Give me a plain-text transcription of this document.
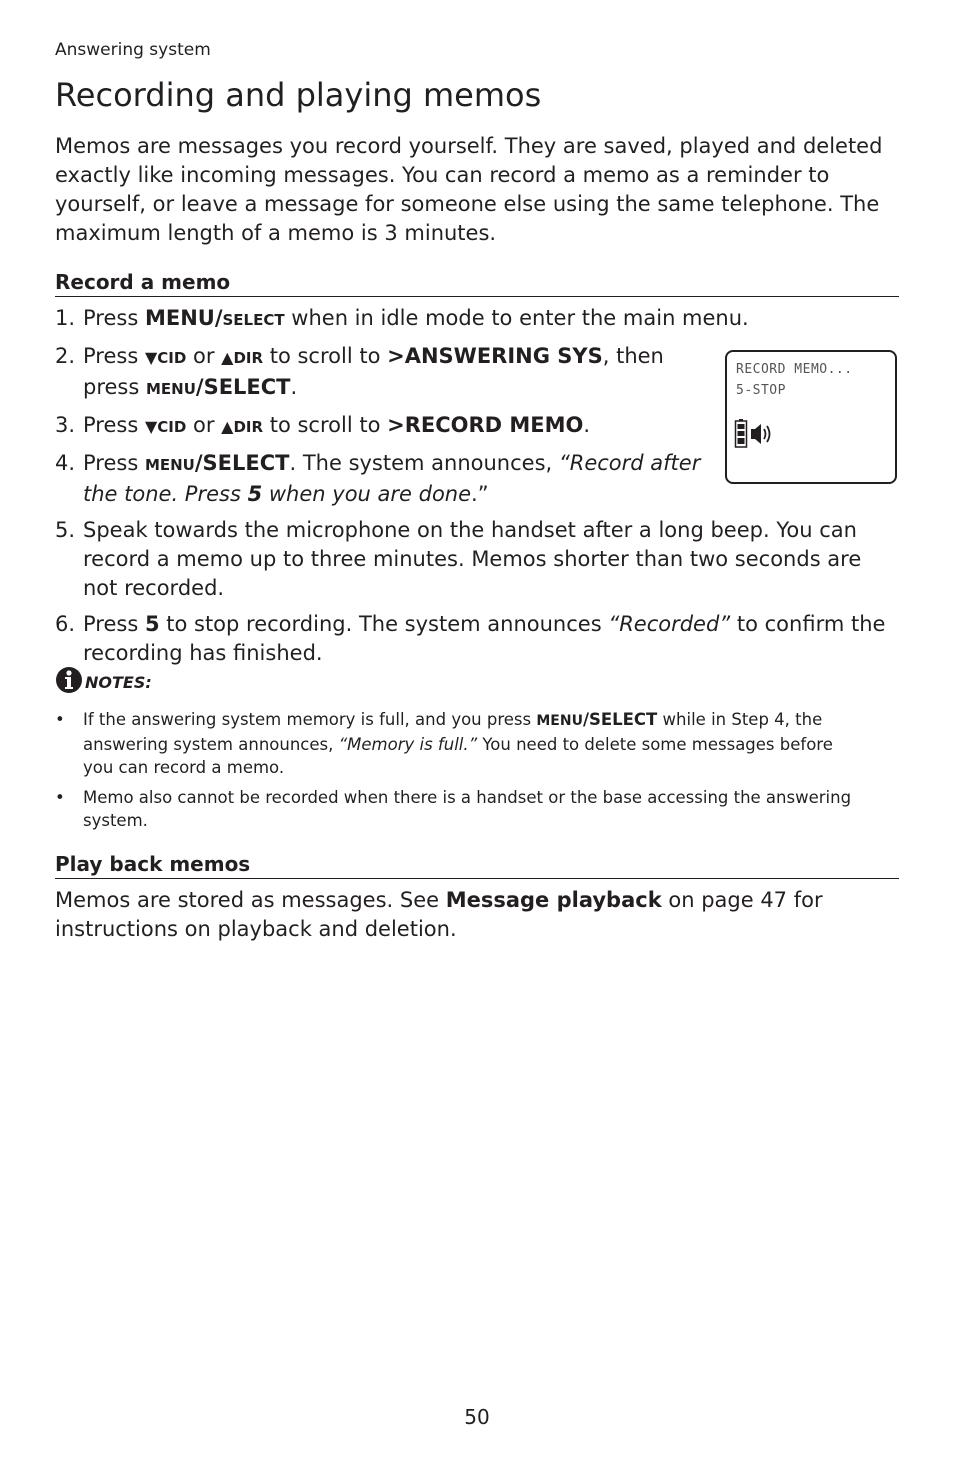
Answering system
Recording and playing memos

Memos are messages you record yourself. They are saved, played and deleted exactly like incoming messages. You can record a memo as a reminder to yourself, or leave a message for someone else using the same telephone. The maximum length of a memo is 3 minutes.

Record a memo
1. Press MENU/SELECT when in idle mode to enter the main menu.
2. Press ▼CID or ▲DIR to scroll to >ANSWERING SYS, then press MENU/SELECT.
3. Press ▼CID or ▲DIR to scroll to >RECORD MEMO.
4. Press MENU/SELECT. The system announces, “Record after the tone. Press 5 when you are done.”
5. Speak towards the microphone on the handset after a long beep. You can record a memo up to three minutes. Memos shorter than two seconds are not recorded.
6. Press 5 to stop recording. The system announces “Recorded” to confirm the recording has finished.
RECORD MEMO...
5-STOP
NOTES:
• If the answering system memory is full, and you press MENU/SELECT while in Step 4, the answering system announces, “Memory is full.” You need to delete some messages before you can record a memo.
• Memo also cannot be recorded when there is a handset or the base accessing the answering system.
Play back memos

Memos are stored as messages. See Message playback on page 47 for instructions on playback and deletion.

50
